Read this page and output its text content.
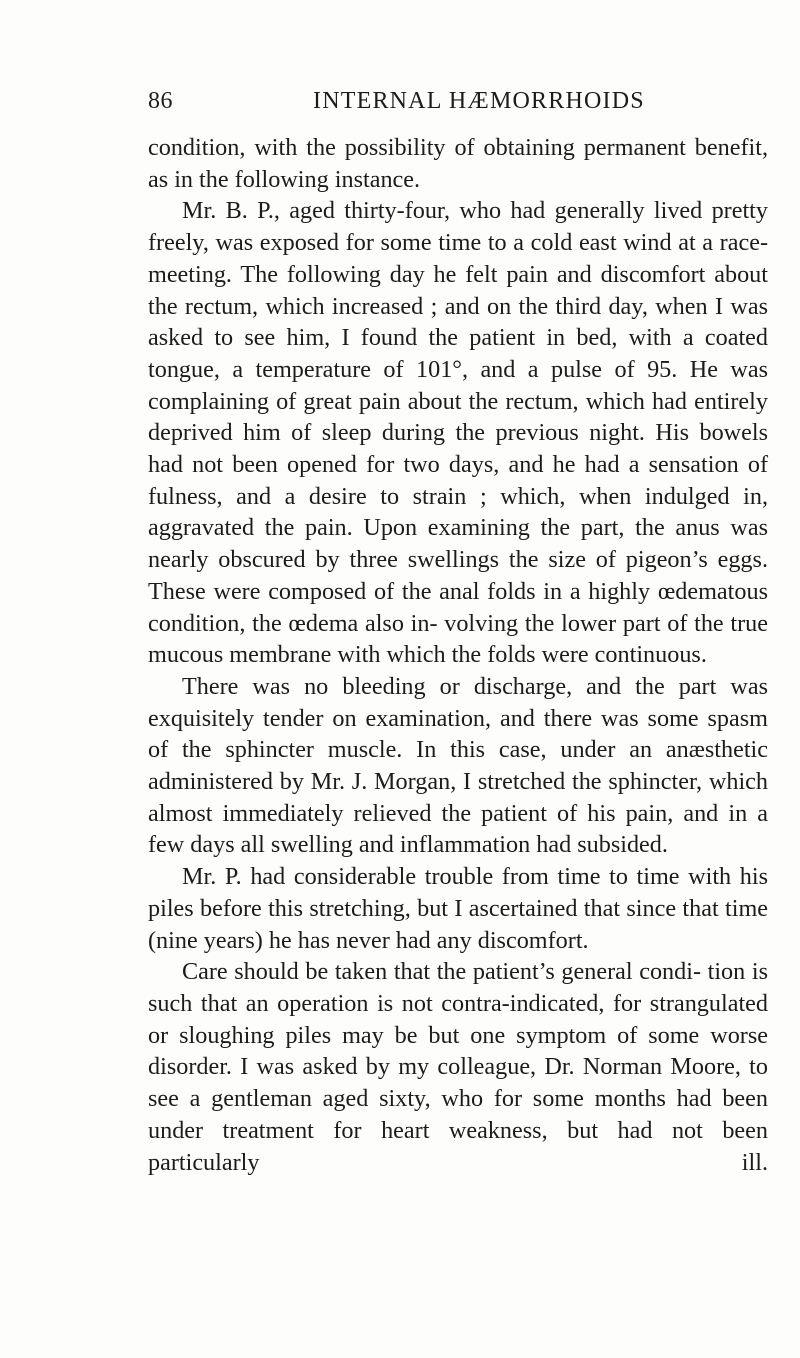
86	INTERNAL HÆMORRHOIDS

condition, with the possibility of obtaining permanent benefit, as in the following instance.

Mr. B. P., aged thirty-four, who had generally lived pretty freely, was exposed for some time to a cold east wind at a race-meeting. The following day he felt pain and discomfort about the rectum, which increased ; and on the third day, when I was asked to see him, I found the patient in bed, with a coated tongue, a temperature of 101°, and a pulse of 95. He was complaining of great pain about the rectum, which had entirely deprived him of sleep during the previous night. His bowels had not been opened for two days, and he had a sensation of fulness, and a desire to strain ; which, when indulged in, aggravated the pain. Upon examining the part, the anus was nearly obscured by three swellings the size of pigeon’s eggs. These were composed of the anal folds in a highly œdematous condition, the œdema also in- volving the lower part of the true mucous membrane with which the folds were continuous.

There was no bleeding or discharge, and the part was exquisitely tender on examination, and there was some spasm of the sphincter muscle. In this case, under an anæsthetic administered by Mr. J. Morgan, I stretched the sphincter, which almost immediately relieved the patient of his pain, and in a few days all swelling and inflammation had subsided.

Mr. P. had considerable trouble from time to time with his piles before this stretching, but I ascertained that since that time (nine years) he has never had any discomfort.

Care should be taken that the patient’s general condi- tion is such that an operation is not contra-indicated, for strangulated or sloughing piles may be but one symptom of some worse disorder. I was asked by my colleague, Dr. Norman Moore, to see a gentleman aged sixty, who for some months had been under treatment for heart weakness, but had not been particularly ill.
